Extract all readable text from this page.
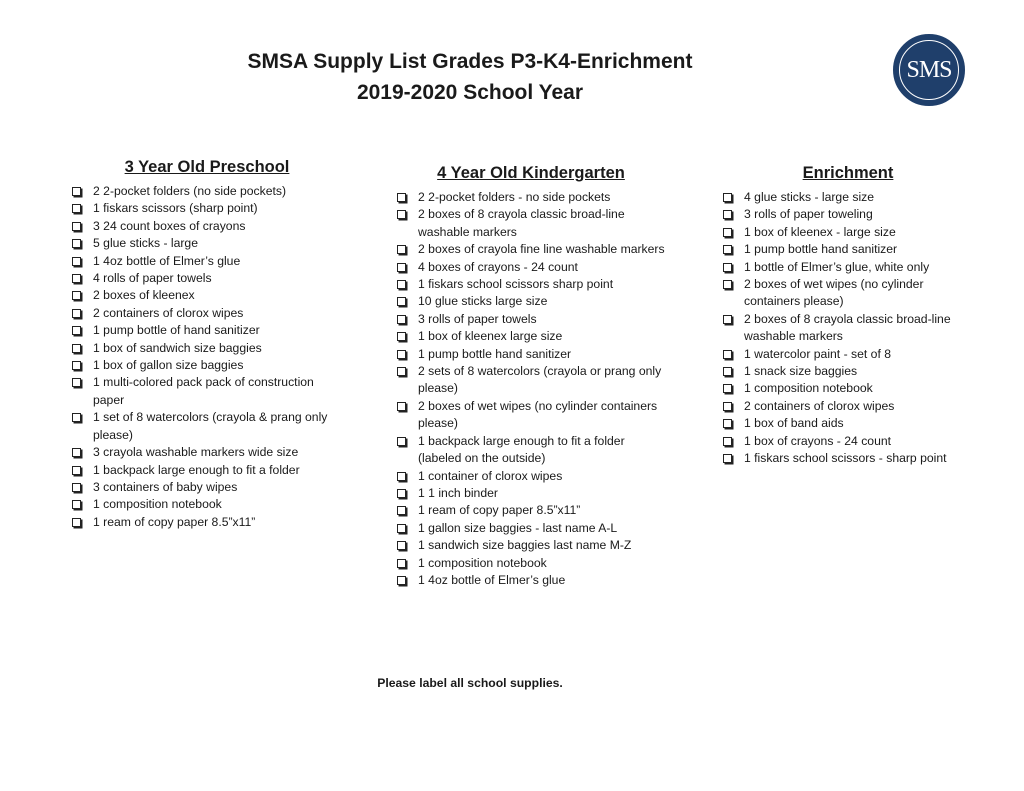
SMSA Supply List Grades P3-K4-Enrichment

2019-2020 School Year

SMS
3 Year Old Preschool
2 2-pocket folders (no side pockets)
1 fiskars scissors (sharp point)
3 24 count boxes of crayons
5 glue sticks - large
1 4oz bottle of Elmer’s glue
4 rolls of paper towels
2 boxes of kleenex
2 containers of clorox wipes
1 pump bottle of hand sanitizer
1 box of sandwich size baggies
1 box of gallon size baggies
1 multi-colored pack pack of construction paper
1 set of 8 watercolors (crayola & prang only please)
3 crayola washable markers wide size
1 backpack large enough to fit a folder
3 containers of baby wipes
1 composition notebook
1 ream of copy paper 8.5”x11”
4 Year Old Kindergarten
2 2-pocket folders - no side pockets
2 boxes of 8 crayola classic broad-line washable markers
2 boxes of crayola fine line washable markers
4 boxes of crayons - 24 count
1 fiskars school scissors sharp point
10 glue sticks large size
3 rolls of paper towels
1 box of kleenex large size
1 pump bottle hand sanitizer
2 sets of 8 watercolors (crayola or prang only please)
2 boxes of wet wipes (no cylinder containers please)
1 backpack large enough to fit a folder (labeled on the outside)
1 container of clorox wipes
1 1 inch binder
1 ream of copy paper 8.5”x11”
1 gallon size baggies - last name A-L
1 sandwich size baggies last name M-Z
1 composition notebook
1 4oz bottle of Elmer’s glue
Enrichment
4 glue sticks - large size
3 rolls of paper toweling
1 box of kleenex - large size
1 pump bottle hand sanitizer
1 bottle of Elmer’s glue, white only
2 boxes of wet wipes (no cylinder containers please)
2 boxes of 8 crayola classic broad-line washable markers
1 watercolor paint - set of 8
1 snack size baggies
1 composition notebook
2 containers of clorox wipes
1 box of band aids
1 box of crayons - 24 count
1 fiskars school scissors - sharp point
Please label all school supplies.
